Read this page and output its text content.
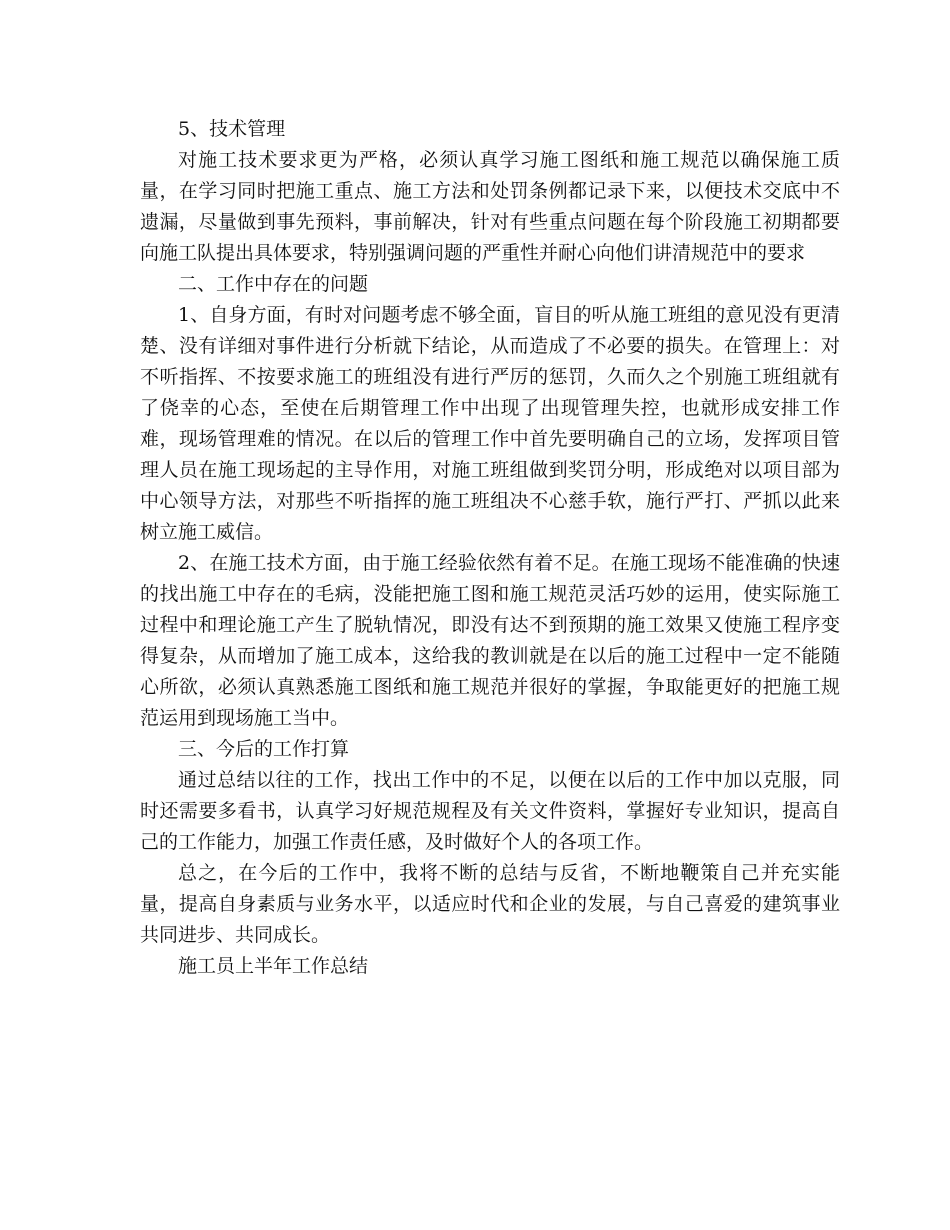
5、技术管理

对施工技术要求更为严格，必须认真学习施工图纸和施工规范以确保施工质量，在学习同时把施工重点、施工方法和处罚条例都记录下来，以便技术交底中不遗漏，尽量做到事先预料，事前解决，针对有些重点问题在每个阶段施工初期都要向施工队提出具体要求，特别强调问题的严重性并耐心向他们讲清规范中的要求

二、工作中存在的问题

1、自身方面，有时对问题考虑不够全面，盲目的听从施工班组的意见没有更清楚、没有详细对事件进行分析就下结论，从而造成了不必要的损失。在管理上：对不听指挥、不按要求施工的班组没有进行严厉的惩罚，久而久之个别施工班组就有了侥幸的心态，至使在后期管理工作中出现了出现管理失控，也就形成安排工作难，现场管理难的情况。在以后的管理工作中首先要明确自己的立场，发挥项目管理人员在施工现场起的主导作用，对施工班组做到奖罚分明，形成绝对以项目部为中心领导方法，对那些不听指挥的施工班组决不心慈手软，施行严打、严抓以此来树立施工威信。

2、在施工技术方面，由于施工经验依然有着不足。在施工现场不能准确的快速的找出施工中存在的毛病，没能把施工图和施工规范灵活巧妙的运用，使实际施工过程中和理论施工产生了脱轨情况，即没有达不到预期的施工效果又使施工程序变得复杂，从而增加了施工成本，这给我的教训就是在以后的施工过程中一定不能随心所欲，必须认真熟悉施工图纸和施工规范并很好的掌握，争取能更好的把施工规范运用到现场施工当中。

三、今后的工作打算

通过总结以往的工作，找出工作中的不足，以便在以后的工作中加以克服，同时还需要多看书，认真学习好规范规程及有关文件资料，掌握好专业知识，提高自己的工作能力，加强工作责任感，及时做好个人的各项工作。

总之，在今后的工作中，我将不断的总结与反省，不断地鞭策自己并充实能量，提高自身素质与业务水平，以适应时代和企业的发展，与自己喜爱的建筑事业共同进步、共同成长。

施工员上半年工作总结
